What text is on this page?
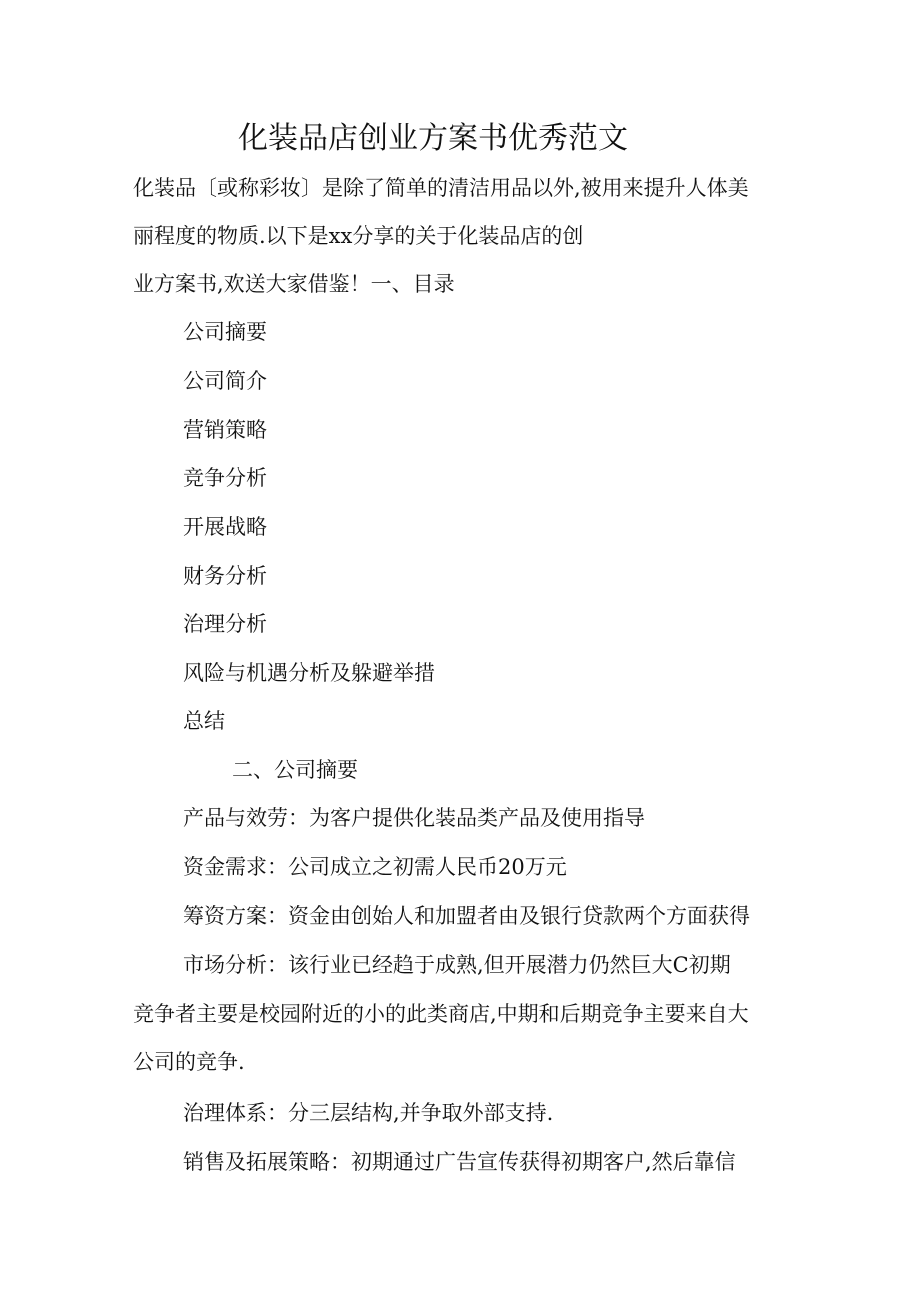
化装品店创业方案书优秀范文
化装品〔或称彩妆〕是除了简单的清洁用品以外,被用来提升人体美
丽程度的物质.以下是xx分享的关于化装品店的创
业方案书,欢送大家借鉴！一、目录
公司摘要
公司简介
营销策略
竞争分析
开展战略
财务分析
治理分析
风险与机遇分析及躲避举措
总结
二、公司摘要
产品与效劳：为客户提供化装品类产品及使用指导
资金需求：公司成立之初需人民币20万元
筹资方案：资金由创始人和加盟者由及银行贷款两个方面获得
市场分析：该行业已经趋于成熟,但开展潜力仍然巨大C初期
竞争者主要是校园附近的小的此类商店,中期和后期竞争主要来自大
公司的竞争.
治理体系：分三层结构,并争取外部支持.
销售及拓展策略：初期通过广告宣传获得初期客户,然后靠信
